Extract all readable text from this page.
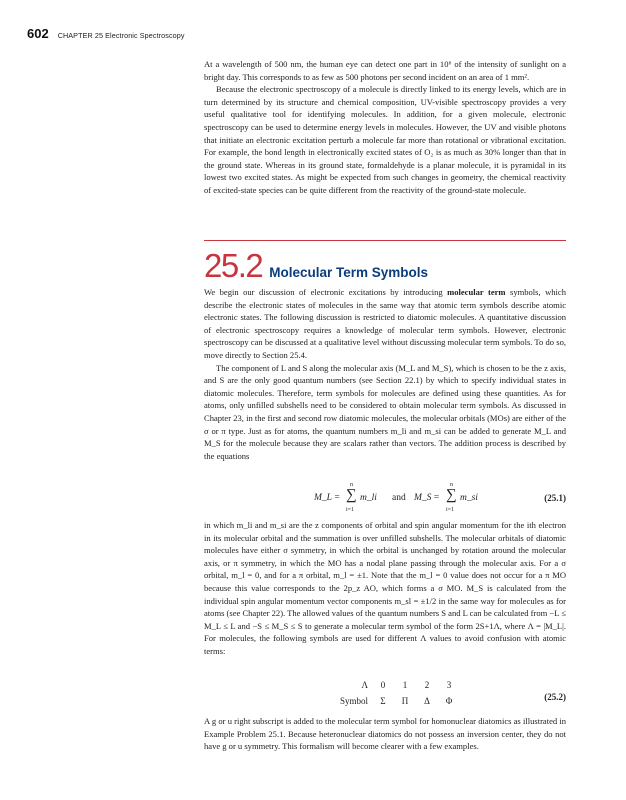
602 CHAPTER 25 Electronic Spectroscopy

At a wavelength of 500 nm, the human eye can detect one part in 10⁶ of the intensity of sunlight on a bright day. This corresponds to as few as 500 photons per second incident on an area of 1 mm².

Because the electronic spectroscopy of a molecule is directly linked to its energy levels, which are in turn determined by its structure and chemical composition, UV-visible spectroscopy provides a very useful qualitative tool for identifying molecules. In addition, for a given molecule, electronic spectroscopy can be used to determine energy levels in molecules. However, the UV and visible photons that initiate an electronic excitation perturb a molecule far more than rotational or vibrational excitation. For example, the bond length in electronically excited states of O₂ is as much as 30% longer than that in the ground state. Whereas in its ground state, formaldehyde is a planar molecule, it is pyramidal in its lowest two excited states. As might be expected from such changes in geometry, the chemical reactivity of excited-state species can be quite different from the reactivity of the ground-state molecule.

25.2 Molecular Term Symbols

We begin our discussion of electronic excitations by introducing molecular term symbols, which describe the electronic states of molecules in the same way that atomic term symbols describe atomic electronic states. The following discussion is restricted to diatomic molecules. A quantitative discussion of electronic spectroscopy requires a knowledge of molecular term symbols. However, electronic spectroscopy can be discussed at a qualitative level without discussing molecular term symbols. To do so, move directly to Section 25.4.

The component of L and S along the molecular axis (M_L and M_S), which is chosen to be the z axis, and S are the only good quantum numbers (see Section 22.1) by which to specify individual states in diatomic molecules. Therefore, term symbols for molecules are defined using these quantities. As for atoms, only unfilled subshells need to be considered to obtain molecular term symbols. As discussed in Chapter 23, in the first and second row diatomic molecules, the molecular orbitals (MOs) are either of the σ or π type. Just as for atoms, the quantum numbers m_li and m_si can be added to generate M_L and M_S for the molecule because they are scalars rather than vectors. The addition process is described by the equations

M_L =
n
∑
i=1
m_li and M_S =
n
∑
i=1
m_si	(25.1)

in which m_li and m_si are the z components of orbital and spin angular momentum for the ith electron in its molecular orbital and the summation is over unfilled subshells. The molecular orbitals of diatomic molecules have either σ symmetry, in which the orbital is unchanged by rotation around the molecular axis, or π symmetry, in which the MO has a nodal plane passing through the molecular axis. For a σ orbital, m_l = 0, and for a π orbital, m_l = ±1. Note that the m_l = 0 value does not occur for a π MO because this value corresponds to the 2p_z AO, which forms a σ MO. M_S is calculated from the individual spin angular momentum vector components m_sl = ±1/2 in the same way for molecules as for atoms (see Chapter 22). The allowed values of the quantum numbers S and L can be calculated from −L ≤ M_L ≤ L and −S ≤ M_S ≤ S to generate a molecular term symbol of the form 2S+1Λ, where Λ = |M_L|. For molecules, the following symbols are used for different Λ values to avoid confusion with atomic terms:

Λ	0	1	2	3
Symbol	Σ	Π	Δ	Φ	(25.2)

A g or u right subscript is added to the molecular term symbol for homonuclear diatomics as illustrated in Example Problem 25.1. Because heteronuclear diatomics do not possess an inversion center, they do not have g or u symmetry. This formalism will become clearer with a few examples.
